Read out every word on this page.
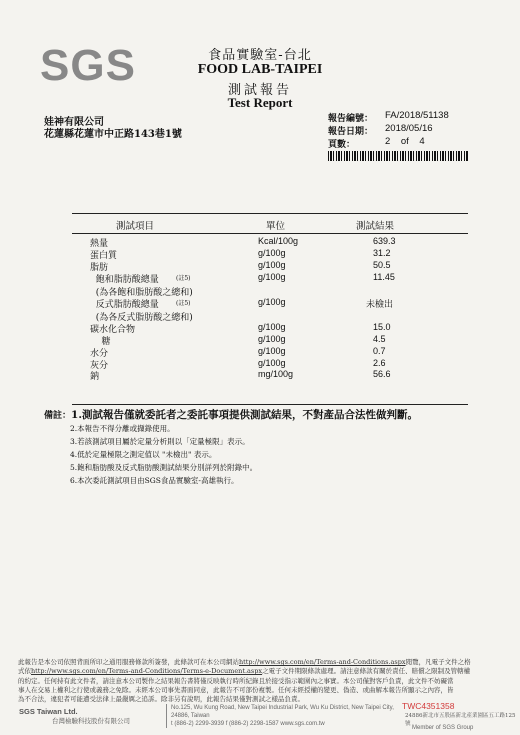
SGS	食品實驗室-台北
FOOD LAB-TAIPEI
測試報告
Test Report
娃神有限公司
花蓮縣花蓮市中正路143巷1號
報告編號： FA/2018/51138
報告日期： 2018/05/16
頁數：	2    of    4
測試項目	單位	測試結果
熱量	Kcal/100g	639.3
蛋白質	g/100g	31.2
脂肪	g/100g	50.5
飽和脂肪酸總量	(註5)	g/100g	11.45
(為各飽和脂肪酸之總和)
反式脂肪酸總量	(註5)	g/100g	未檢出
(為各反式脂肪酸之總和)
碳水化合物	g/100g	15.0
糖	g/100g	4.5
水分	g/100g	0.7
灰分	g/100g	2.6
鈉	mg/100g	56.6
備註：1.測試報告僅就委託者之委託事項提供測試結果，不對產品合法性做判斷。
2.本報告不得分離或擷錄使用。
3.若該測試項目屬於定量分析則以「定量極限」表示。
4.低於定量極限之測定值以 "未檢出" 表示。
5.飽和脂肪酸及反式脂肪酸測試結果分別詳列於附錄中。
6.本次委託測試項目由SGS食品實驗室-高雄執行。
此報告是本公司依照背面所印之通用服務條款所簽發，此條款可在本公司網站http://www.sgs.com/en/Terms-and-Conditions.aspx閱覽，凡電子文件之格
式依http://www.sgs.com/en/Terms-and-Conditions/Terms-e-Document.aspx之電子文件期限條款處理。請注意條款有關於責任、賠償之限制及管轄權
的約定。任何持有此文件者，請注意本公司製作之結果報告書將僅反映執行時所紀錄且於接受指示範圍內之事實。本公司僅對客戶負責，此文件不妨礙當
事人在交易上權利之行使或義務之免除。未經本公司事先書面同意，此報告不可部份複製。任何未經授權的變更、偽造、或曲解本報告所顯示之內容，皆
為不合法，違犯者可能遭受法律上最嚴厲之追訴。除非另有說明，此報告結果僅對測試之樣品負責。
SGS Taiwan Ltd.
台灣檢驗科技股份有限公司
No.125, Wu Kung Road, New Taipei Industrial Park, Wu Ku District, New Taipei City, 24886, Taiwan
t (886-2) 2299-3939 f (886-2) 2298-1587 www.sgs.com.tw
TWC4351358
24886新北市五股區新北產業園區五工路125號
Member of SGS Group
